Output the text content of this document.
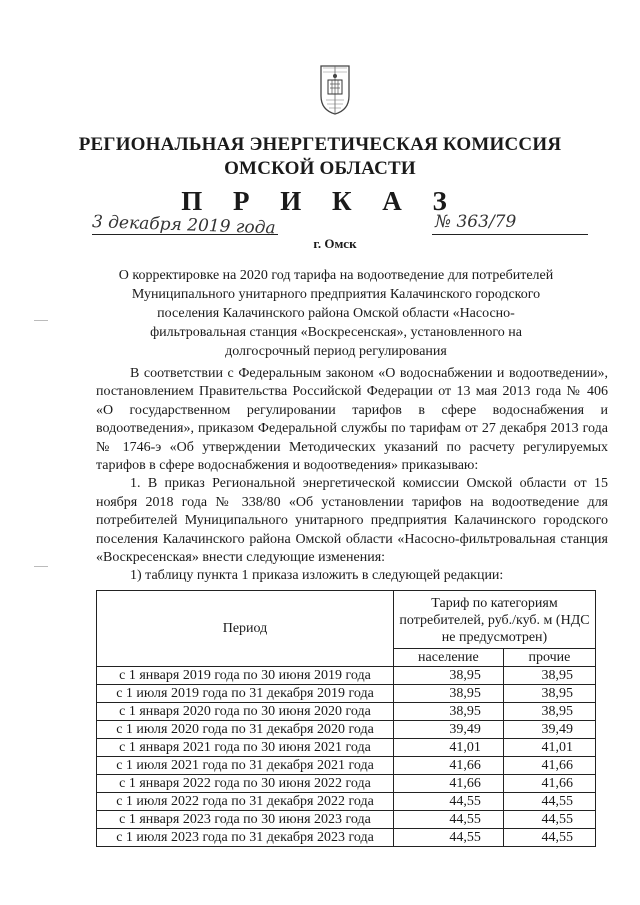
РЕГИОНАЛЬНАЯ ЭНЕРГЕТИЧЕСКАЯ КОМИССИЯ
ОМСКОЙ ОБЛАСТИ
П Р И К А З
3 декабря 2019 года	№ 363/79
г. Омск
О корректировке на 2020 год тарифа на водоотведение для потребителей Муниципального унитарного предприятия Калачинского городского поселения Калачинского района Омской области «Насосно-фильтровальная станция «Воскресенская», установленного на долгосрочный период регулирования

В соответствии с Федеральным законом «О водоснабжении и водоотведении», постановлением Правительства Российской Федерации от 13 мая 2013 года № 406 «О государственном регулировании тарифов в сфере водоснабжения и водоотведения», приказом Федеральной службы по тарифам от 27 декабря 2013 года № 1746-э «Об утверждении Методических указаний по расчету регулируемых тарифов в сфере водоснабжения и водоотведения» приказываю:

1. В приказ Региональной энергетической комиссии Омской области от 15 ноября 2018 года № 338/80 «Об установлении тарифов на водоотведение для потребителей Муниципального унитарного предприятия Калачинского городского поселения Калачинского района Омской области «Насосно-фильтровальная станция «Воскресенская» внести следующие изменения:

1) таблицу пункта 1 приказа изложить в следующей редакции:

Период	Тариф по категориям потребителей, руб./куб. м (НДС не предусмотрен)	
	население	прочие
с 1 января 2019 года по 30 июня 2019 года	38,95	38,95
с 1 июля 2019 года по 31 декабря 2019 года	38,95	38,95
с 1 января 2020 года по 30 июня 2020 года	38,95	38,95
с 1 июля 2020 года по 31 декабря 2020 года	39,49	39,49
с 1 января 2021 года по 30 июня 2021 года	41,01	41,01
с 1 июля 2021 года по 31 декабря 2021 года	41,66	41,66
с 1 января 2022 года по 30 июня 2022 года	41,66	41,66
с 1 июля 2022 года по 31 декабря 2022 года	44,55	44,55
с 1 января 2023 года по 30 июня 2023 года	44,55	44,55
с 1 июля 2023 года по 31 декабря 2023 года	44,55	44,55
